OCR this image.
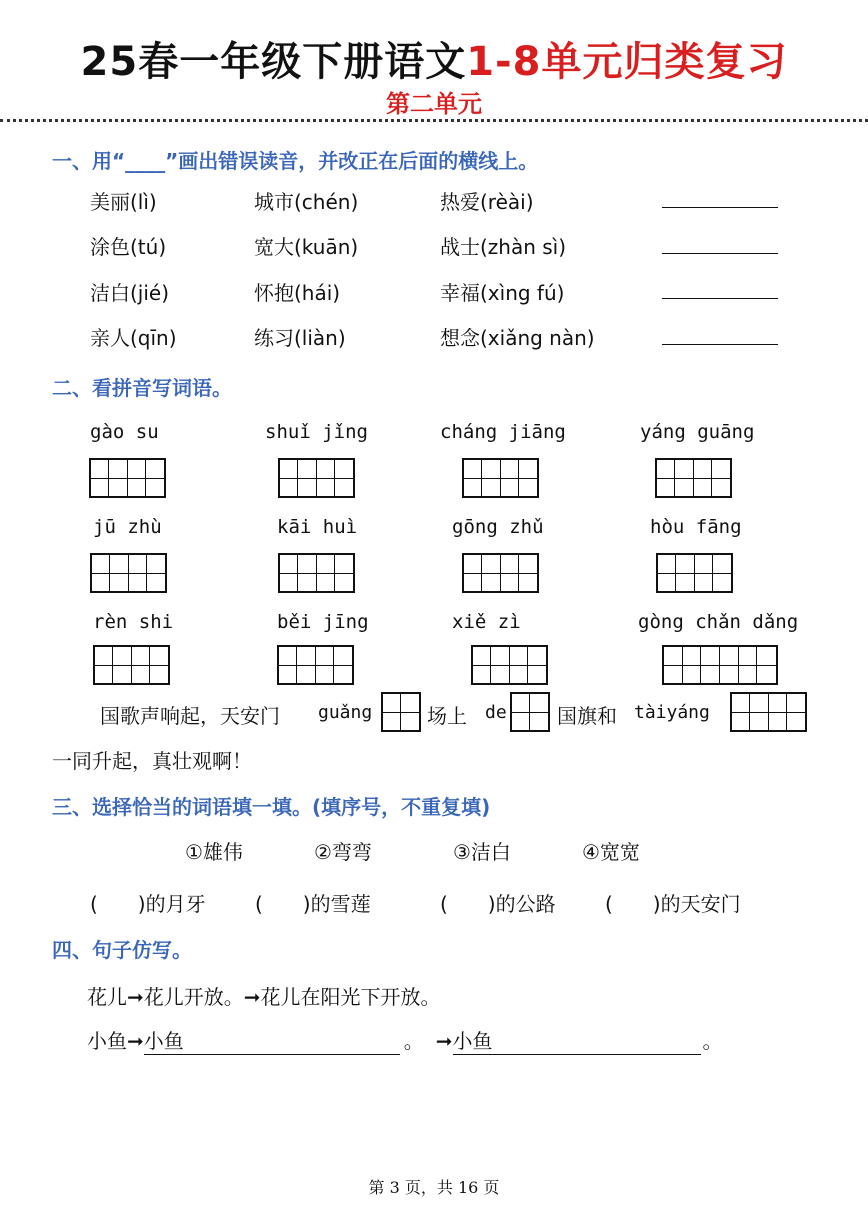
25春一年级下册语文1-8单元归类复习
第二单元
一、用“____”画出错误读音，并改正在后面的横线上。
美丽(lì)	城市(chén)	热爱(rèài)
涂色(tú)	宽大(kuān)	战士(zhàn sì)
洁白(jié)	怀抱(hái)	幸福(xìng fú)
亲人(qīn)	练习(liàn)	想念(xiǎng nàn)
二、看拼音写词语。
gào su	shuǐ jǐng	cháng jiāng	yáng guāng
jū zhù	kāi huì	gōng zhǔ	hòu fāng
rèn shi	běi jīng	xiě zì	gòng chǎn dǎng
国歌声响起，天安门 guǎng	场上 de	国旗和 tàiyáng
一同升起，真壮观啊！
三、选择恰当的词语填一填。(填序号，不重复填)
①雄伟	②弯弯	③洁白	④宽宽
(　　)的月牙 (　　)的雪莲	(　　)的公路 (　　)的天安门
四、句子仿写。
花儿➞花儿开放。➞花儿在阳光下开放。
小鱼➞小鱼	。 ➞小鱼	。
第 3 页，共 16 页
